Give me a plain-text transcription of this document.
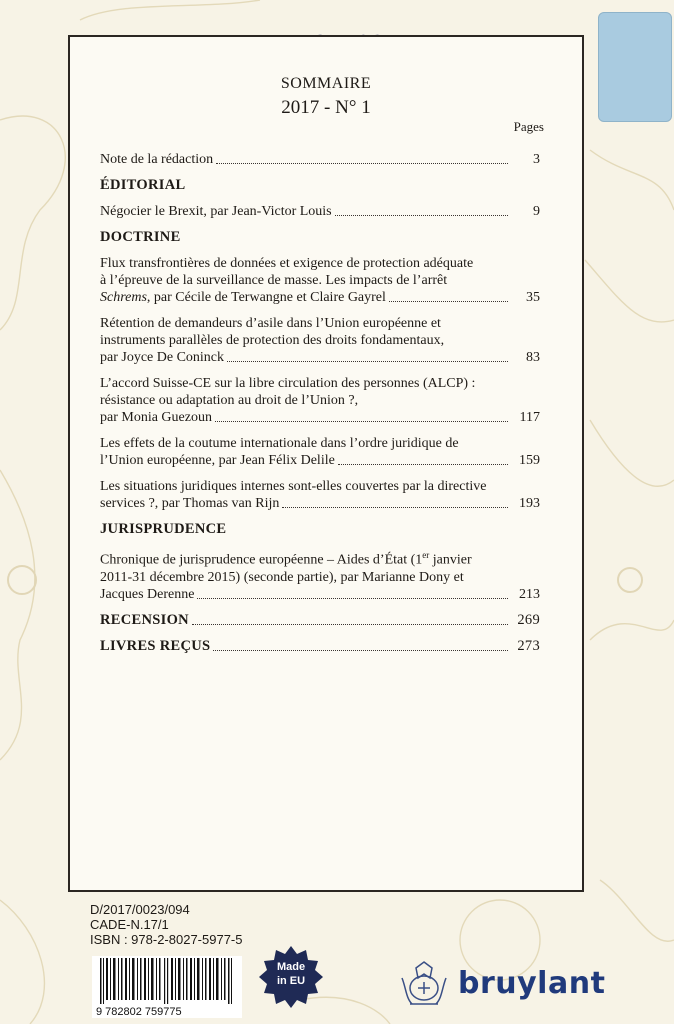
SOMMAIRE
2017 - N° 1
Pages
Note de la rédaction	3
ÉDITORIAL
Négocier le Brexit, par Jean-Victor Louis	9
DOCTRINE
Flux transfrontières de données et exigence de protection adéquate
à l’épreuve de la surveillance de masse. Les impacts de l’arrêt
Schrems, par Cécile de Terwangne et Claire Gayrel	35
Rétention de demandeurs d’asile dans l’Union européenne et
instruments parallèles de protection des droits fondamentaux,
par Joyce De Coninck	83
L’accord Suisse-CE sur la libre circulation des personnes (ALCP) :
résistance ou adaptation au droit de l’Union ?,
par Monia Guezoun	117
Les effets de la coutume internationale dans l’ordre juridique de
l’Union européenne, par Jean Félix Delile	159
Les situations juridiques internes sont-elles couvertes par la directive
services ?, par Thomas van Rijn	193
JURISPRUDENCE
Chronique de jurisprudence européenne – Aides d’État (1er janvier
2011-31 décembre 2015) (seconde partie), par Marianne Dony et
Jacques Derenne	213
RECENSION	269
LIVRES REÇUS	273
D/2017/0023/094
CADE-N.17/1
ISBN : 978-2-8027-5977-5
9 782802 759775
Made
in EU	bruylant
